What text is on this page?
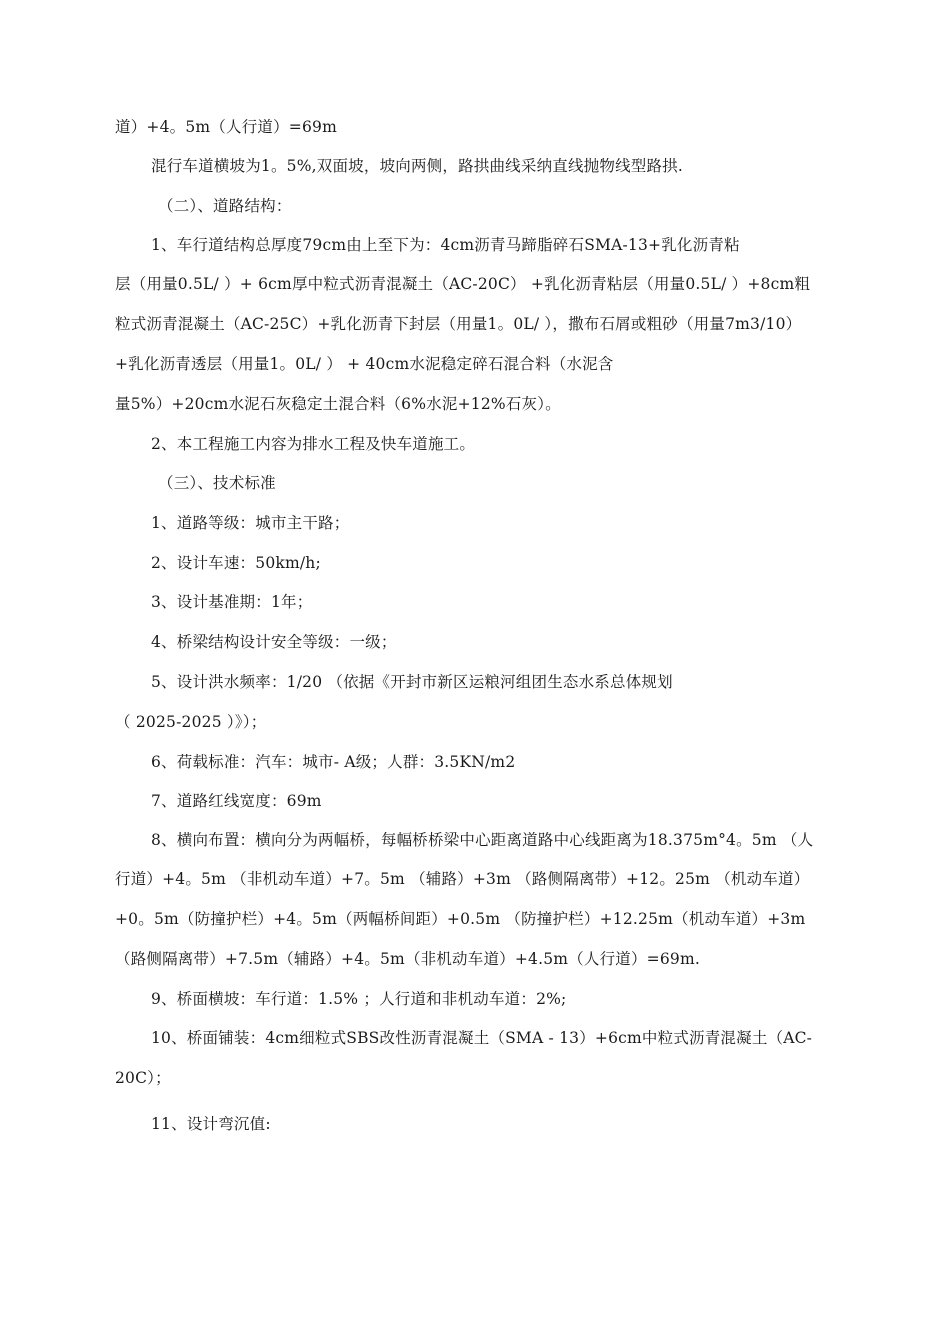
道）+4。5m（人行道）=69m
混行车道横坡为1。5%,双面坡，坡向两侧，路拱曲线采纳直线抛物线型路拱.
（二）、道路结构：
1、车行道结构总厚度79cm由上至下为：4cm沥青马蹄脂碎石SMA-13+乳化沥青粘
层（用量0.5L/ ）+ 6cm厚中粒式沥青混凝土（AC-20C） +乳化沥青粘层（用量0.5L/ ）+8cm粗
粒式沥青混凝土（AC-25C）+乳化沥青下封层（用量1。0L/ ），撒布石屑或粗砂（用量7m3/10）
+乳化沥青透层（用量1。0L/ ） + 40cm水泥稳定碎石混合料（水泥含
量5%）+20cm水泥石灰稳定土混合料（6%水泥+12%石灰）。
2、本工程施工内容为排水工程及快车道施工。
（三）、技术标准
1、道路等级：城市主干路；
2、设计车速：50km/h;
3、设计基准期：1年；
4、桥梁结构设计安全等级：一级；
5、设计洪水频率：1/20 （依据《开封市新区运粮河组团生态水系总体规划
（ 2025-2025 ）》）；
6、荷载标准：汽车：城市- A级；人群：3.5KN/m2
7、道路红线宽度：69m
8、横向布置：横向分为两幅桥，每幅桥桥梁中心距离道路中心线距离为18.375m°4。5m （人
行道）+4。5m （非机动车道）+7。5m （辅路）+3m （路侧隔离带）+12。25m （机动车道）
+0。5m（防撞护栏）+4。5m（两幅桥间距）+0.5m （防撞护栏）+12.25m（机动车道）+3m
（路侧隔离带）+7.5m（辅路）+4。5m（非机动车道）+4.5m（人行道）=69m.
9、桥面横坡：车行道：1.5% ；人行道和非机动车道：2%;
10、桥面铺装：4cm细粒式SBS改性沥青混凝土（SMA - 13）+6cm中粒式沥青混凝土（AC-
20C）；
11、设计弯沉值:
